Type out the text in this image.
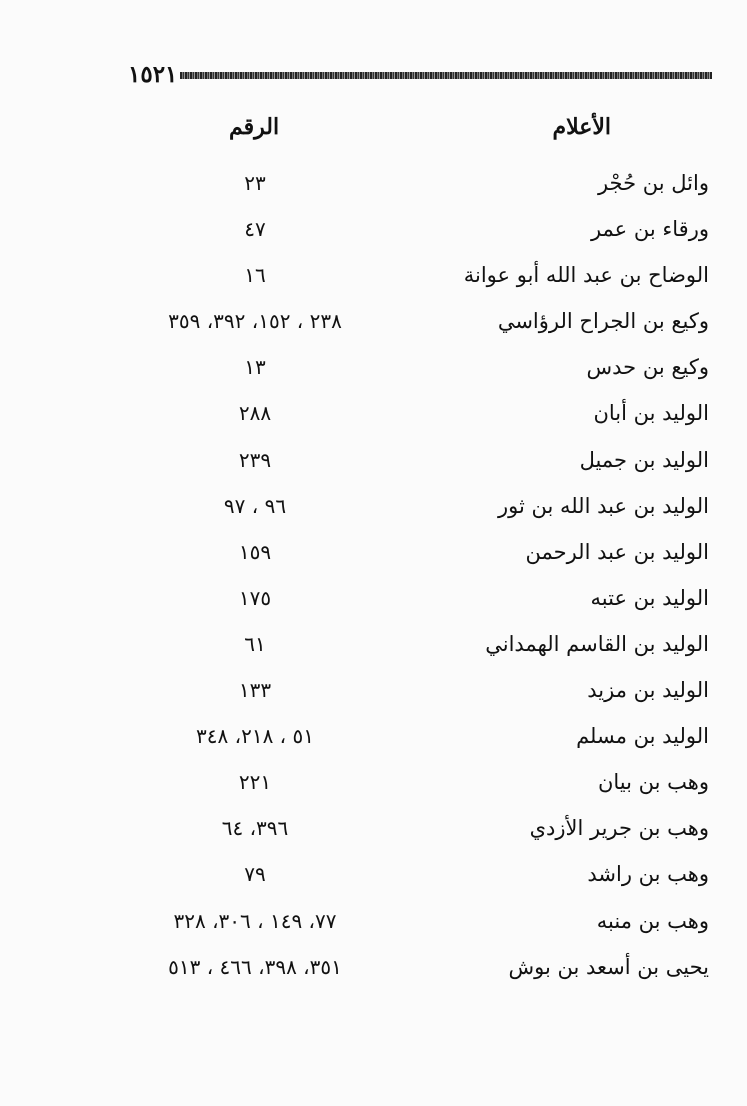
١٥٢١
الأعلام
الرقم
وائل بن حُجْر
٢٣
ورقاء بن عمر
٤٧
الوضاح بن عبد الله أبو عوانة
١٦
وكيع بن الجراح الرؤاسي
٢٣٨ ، ١٥٢، ٣٩٢، ٣٥٩
وكيع بن حدس
١٣
الوليد بن أبان
٢٨٨
الوليد بن جميل
٢٣٩
الوليد بن عبد الله بن ثور
٩٦ ، ٩٧
الوليد بن عبد الرحمن
١٥٩
الوليد بن عتبه
١٧٥
الوليد بن القاسم الهمداني
٦١
الوليد بن مزيد
١٣٣
الوليد بن مسلم
٥١ ، ٢١٨، ٣٤٨
وهب بن بيان
٢٢١
وهب بن جرير الأزدي
٣٩٦، ٦٤
وهب بن راشد
٧٩
وهب بن منبه
٧٧، ١٤٩ ، ٣٠٦، ٣٢٨
يحيى بن أسعد بن بوش
٣٥١، ٣٩٨، ٤٦٦ ، ٥١٣
